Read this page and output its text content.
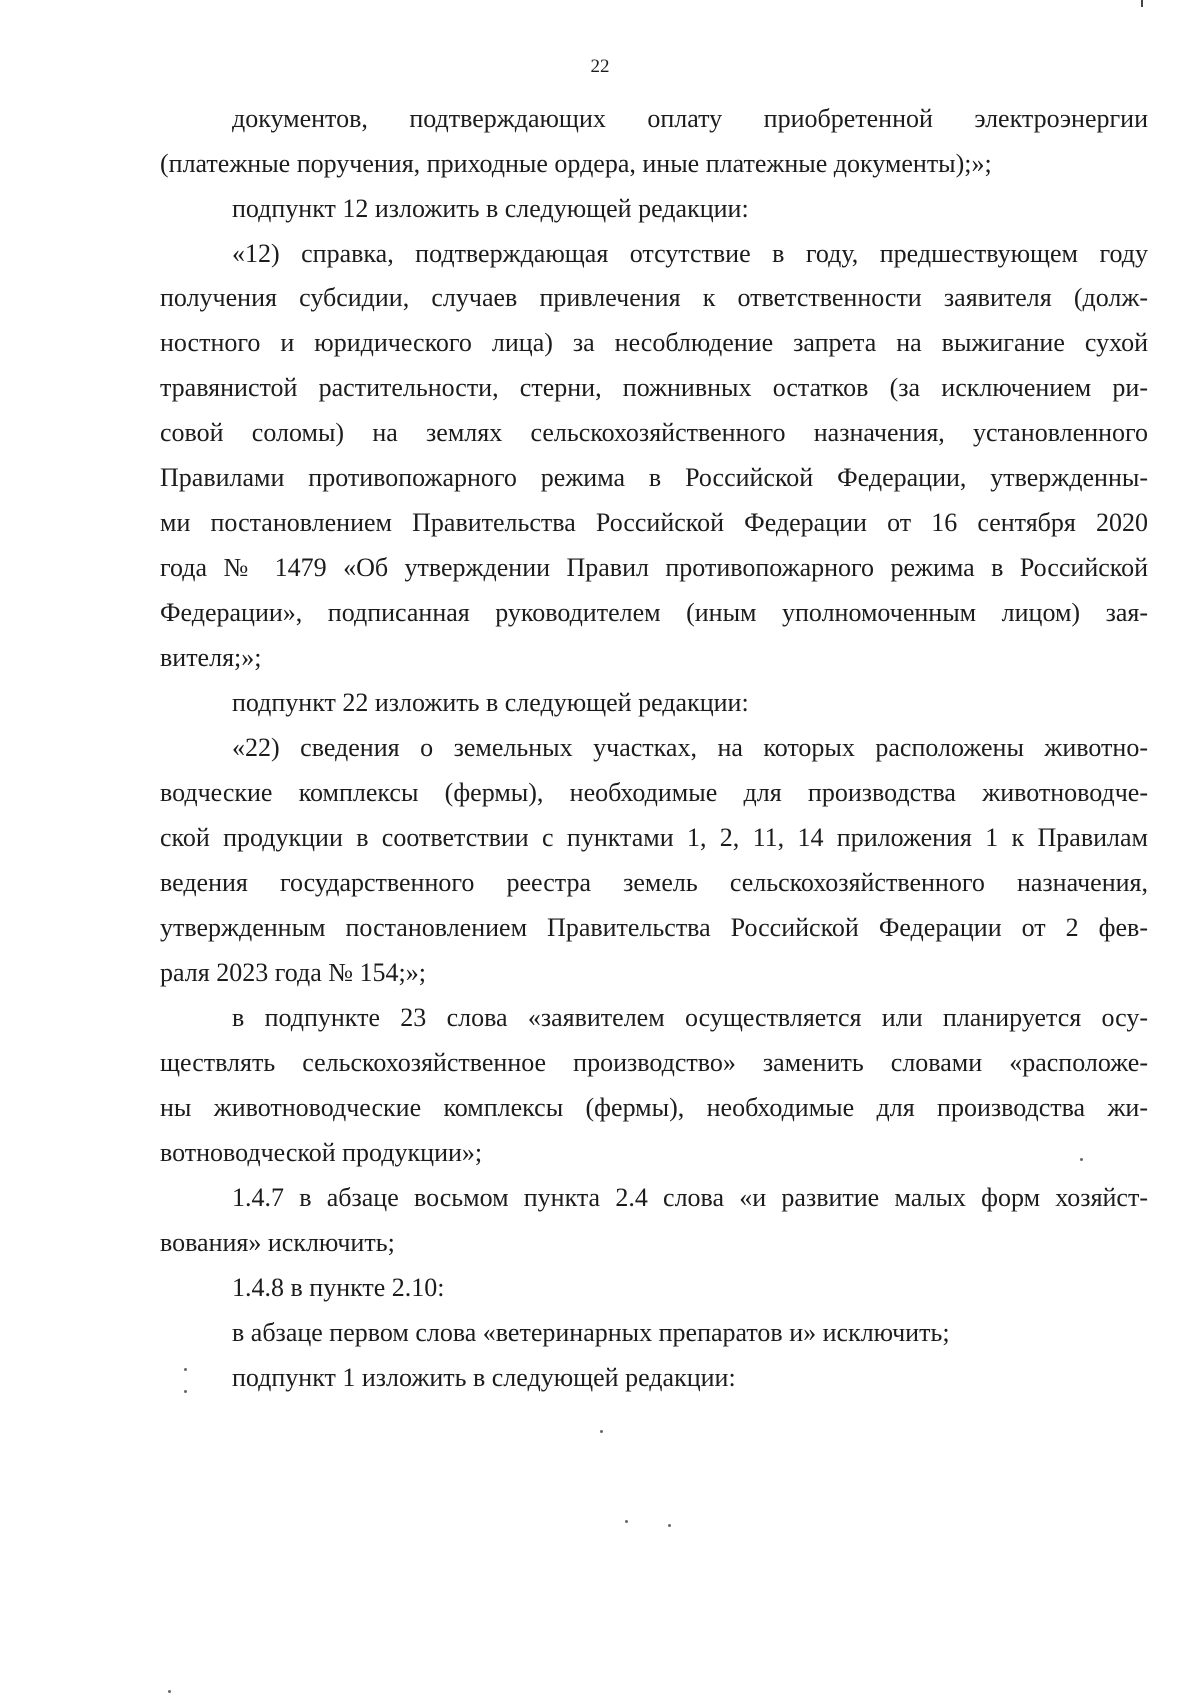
22
документов, подтверждающих оплату приобретенной электроэнергии
(платежные поручения, приходные ордера, иные платежные документы);»;
подпункт 12 изложить в следующей редакции:
«12) справка, подтверждающая отсутствие в году, предшествующем году
получения субсидии, случаев привлечения к ответственности заявителя (долж-
ностного и юридического лица) за несоблюдение запрета на выжигание сухой
травянистой растительности, стерни, пожнивных остатков (за исключением ри-
совой соломы) на землях сельскохозяйственного назначения, установленного
Правилами противопожарного режима в Российской Федерации, утвержденны-
ми постановлением Правительства Российской Федерации от 16 сентября 2020
года № 1479 «Об утверждении Правил противопожарного режима в Российской
Федерации», подписанная руководителем (иным уполномоченным лицом) зая-
вителя;»;
подпункт 22 изложить в следующей редакции:
«22) сведения о земельных участках, на которых расположены животно-
водческие комплексы (фермы), необходимые для производства животноводче-
ской продукции в соответствии с пунктами 1, 2, 11, 14 приложения 1 к Правилам
ведения государственного реестра земель сельскохозяйственного назначения,
утвержденным постановлением Правительства Российской Федерации от 2 фев-
раля 2023 года № 154;»;
в подпункте 23 слова «заявителем осуществляется или планируется осу-
ществлять сельскохозяйственное производство» заменить словами «расположе-
ны животноводческие комплексы (фермы), необходимые для производства жи-
вотноводческой продукции»;
1.4.7 в абзаце восьмом пункта 2.4 слова «и развитие малых форм хозяйст-
вования» исключить;
1.4.8 в пункте 2.10:
в абзаце первом слова «ветеринарных препаратов и» исключить;
подпункт 1 изложить в следующей редакции:
